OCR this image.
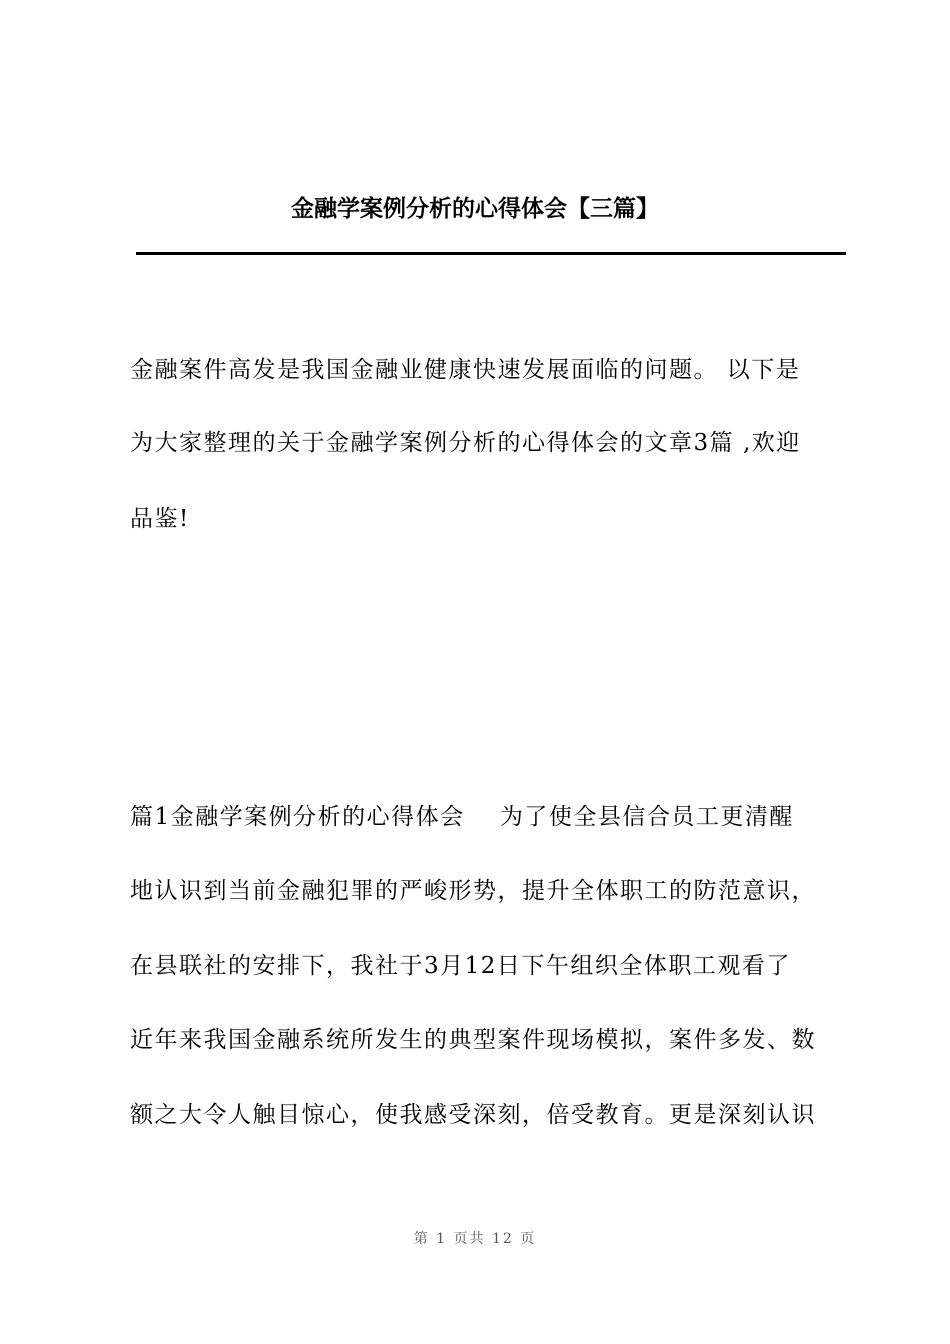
金融学案例分析的心得体会【三篇】
金融案件高发是我国金融业健康快速发展面临的问题。 以下是
为大家整理的关于金融学案例分析的心得体会的文章3篇 ,欢迎
品鉴!
篇1金融学案例分析的心得体会    为了使全县信合员工更清醒
地认识到当前金融犯罪的严峻形势，提升全体职工的防范意识，
在县联社的安排下，我社于3月12日下午组织全体职工观看了
近年来我国金融系统所发生的典型案件现场模拟，案件多发、数
额之大令人触目惊心，使我感受深刻，倍受教育。更是深刻认识
第 1 页共 12 页
